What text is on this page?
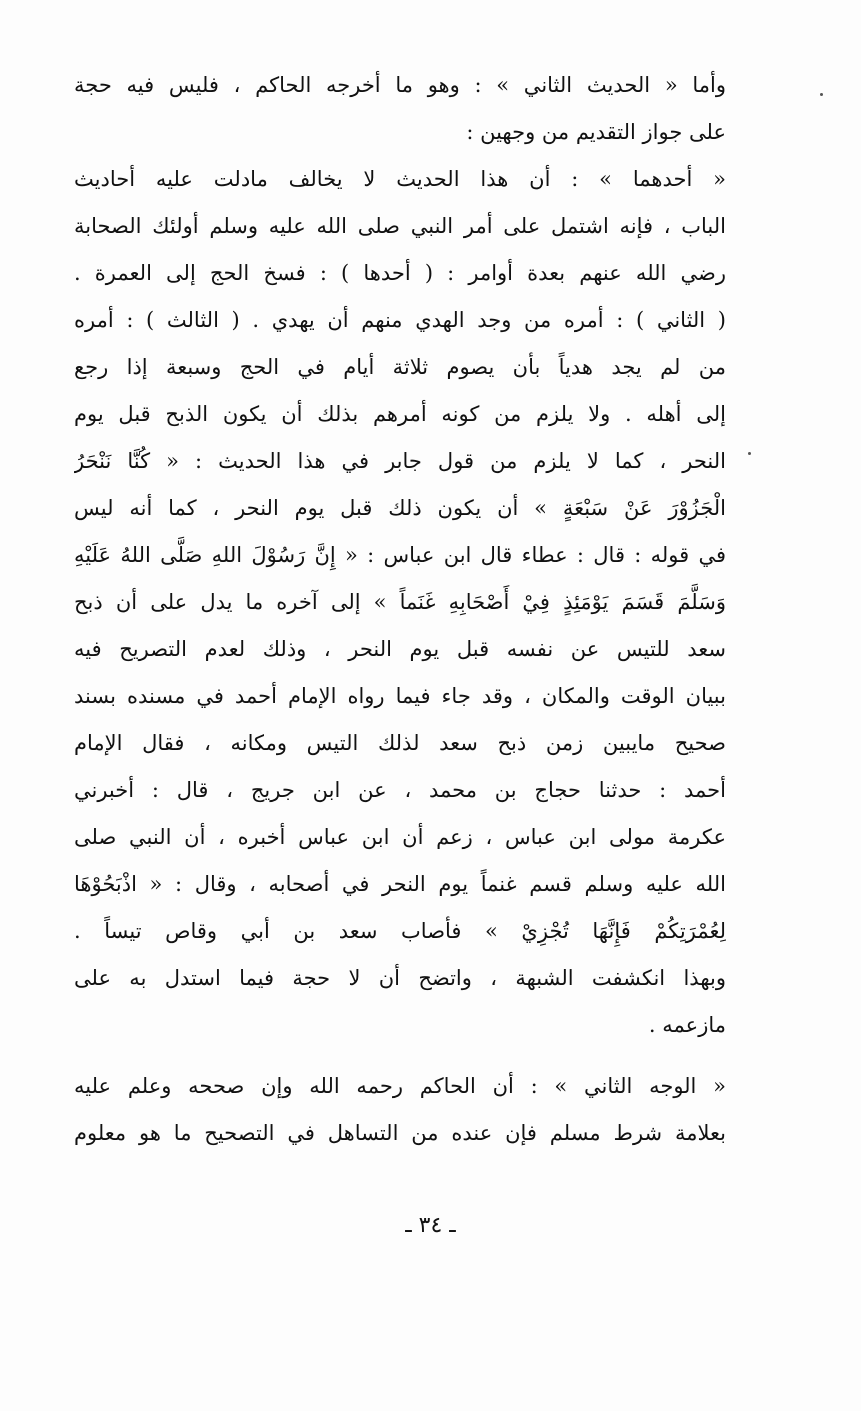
وأما « الحديث الثاني » : وهو ما أخرجه الحاكم ، فليس فيه حجة
على جواز التقديم من وجهين :
« أحدهما » : أن هذا الحديث لا يخالف مادلت عليه أحاديث
الباب ، فإنه اشتمل على أمر النبي صلى الله عليه وسلم أولئك الصحابة
رضي الله عنهم بعدة أوامر : ( أحدها ) : فسخ الحج إلى العمرة .
( الثاني ) : أمره من وجد الهدي منهم أن يهدي . ( الثالث ) : أمره
من لم يجد هدياً بأن يصوم ثلاثة أيام في الحج وسبعة إذا رجع
إلى أهله . ولا يلزم من كونه أمرهم بذلك أن يكون الذبح قبل يوم
النحر ، كما لا يلزم من قول جابر في هذا الحديث : « كُنَّا نَنْحَرُ
الْجَزُوْرَ عَنْ سَبْعَةٍ » أن يكون ذلك قبل يوم النحر ، كما أنه ليس
في قوله : قال : عطاء قال ابن عباس : « إِنَّ رَسُوْلَ اللهِ صَلَّى اللهُ عَلَيْهِ
وَسَلَّمَ قَسَمَ يَوْمَئِذٍ فِيْ أَصْحَابِهِ غَنَماً » إلى آخره ما يدل على أن ذبح
سعد للتيس عن نفسه قبل يوم النحر ، وذلك لعدم التصريح فيه
ببيان الوقت والمكان ، وقد جاء فيما رواه الإمام أحمد في مسنده بسند
صحيح مايبين زمن ذبح سعد لذلك التيس ومكانه ، فقال الإمام
أحمد : حدثنا حجاج بن محمد ، عن ابن جريج ، قال : أخبرني
عكرمة مولى ابن عباس ، زعم أن ابن عباس أخبره ، أن النبي صلى
الله عليه وسلم قسم غنماً يوم النحر في أصحابه ، وقال : « اذْبَحُوْهَا
لِعُمْرَتِكُمْ فَإِنَّهَا تُجْزِيْ » فأصاب سعد بن أبي وقاص تيساً .
وبهذا انكشفت الشبهة ، واتضح أن لا حجة فيما استدل به على
مازعمه .
« الوجه الثاني » : أن الحاكم رحمه الله وإن صححه وعلم عليه
بعلامة شرط مسلم فإن عنده من التساهل في التصحيح ما هو معلوم
ـ ٣٤ ـ
